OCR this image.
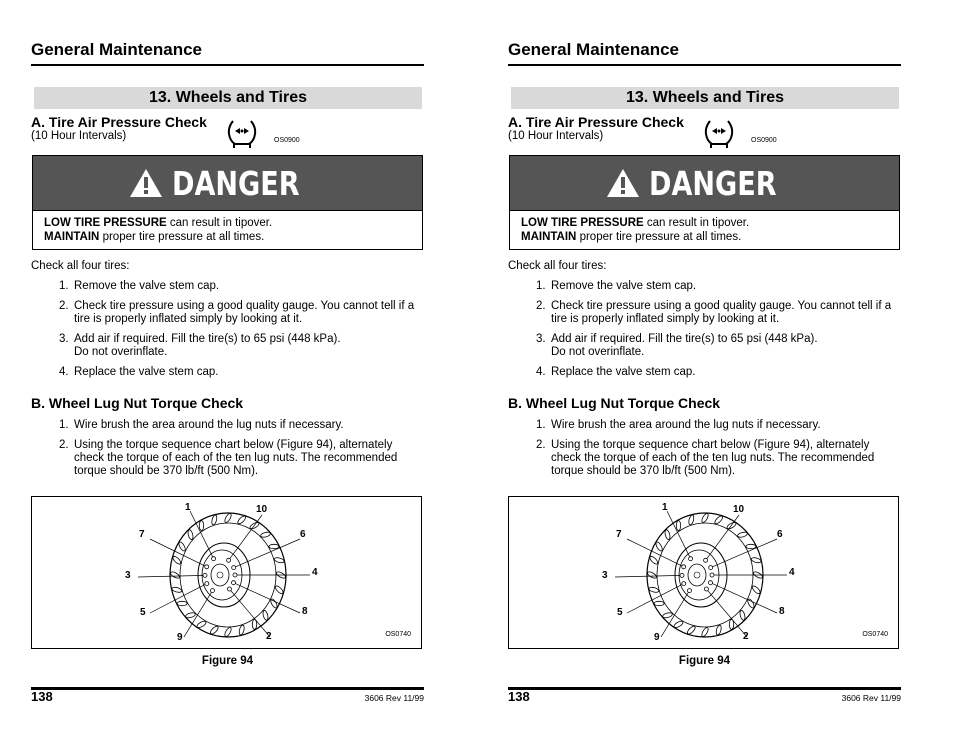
General Maintenance
13. Wheels and Tires
A. Tire Air Pressure Check
(10 Hour Intervals)	OS0900
DANGER
LOW TIRE PRESSURE can result in tipover.
MAINTAIN proper tire pressure at all times.
Check all four tires:
1. Remove the valve stem cap.
2. Check tire pressure using a good quality gauge. You cannot tell if a tire is properly inflated simply by looking at it.
3. Add air if required. Fill the tire(s) to 65 psi (448 kPa).
Do not overinflate.
4. Replace the valve stem cap.
B. Wheel Lug Nut Torque Check
1. Wire brush the area around the lug nuts if necessary.
2. Using the torque sequence chart below (Figure 94), alternately check the torque of each of the ten lug nuts. The recommended torque should be 370 lb/ft (500 Nm).
1	10
7	6
3	4
5	8
9	2	OS0740
Figure 94
138	3606 Rev 11/99
General Maintenance
13. Wheels and Tires
A. Tire Air Pressure Check
(10 Hour Intervals)	OS0900
DANGER
LOW TIRE PRESSURE can result in tipover.
MAINTAIN proper tire pressure at all times.
Check all four tires:
1. Remove the valve stem cap.
2. Check tire pressure using a good quality gauge. You cannot tell if a tire is properly inflated simply by looking at it.
3. Add air if required. Fill the tire(s) to 65 psi (448 kPa).
Do not overinflate.
4. Replace the valve stem cap.
B. Wheel Lug Nut Torque Check
1. Wire brush the area around the lug nuts if necessary.
2. Using the torque sequence chart below (Figure 94), alternately check the torque of each of the ten lug nuts. The recommended torque should be 370 lb/ft (500 Nm).
1	10
7	6
3	4
5	8
9	2	OS0740
Figure 94
138	3606 Rev 11/99
